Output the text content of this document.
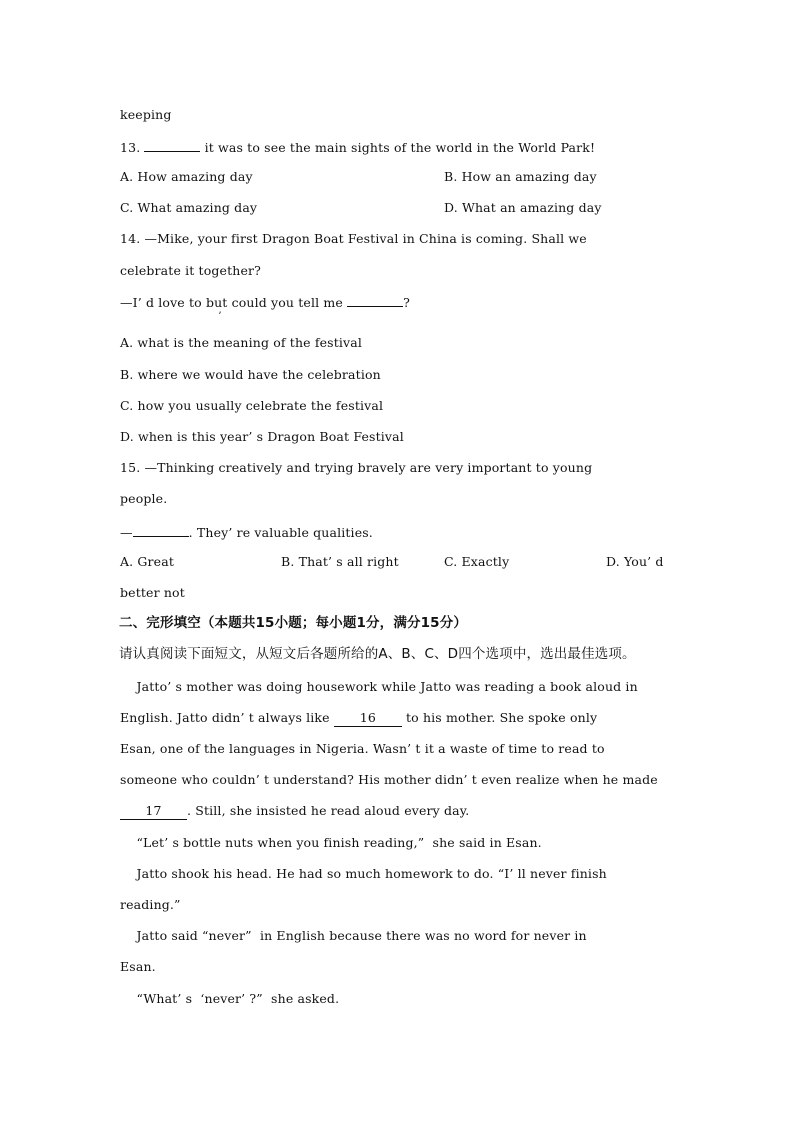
keeping
13.	it was to see the main sights of the world in the World Park!
A. How amazing day	B. How an amazing day
C. What amazing day	D. What an amazing day
14. —Mike, your first Dragon Boat Festival in China is coming. Shall we
celebrate it together?
—I’ d love to but could you tell me	?
ʼ
A. what is the meaning of the festival
B. where we would have the celebration
C. how you usually celebrate the festival
D. when is this year’ s Dragon Boat Festival
15. —Thinking creatively and trying bravely are very important to young
people.
—	. They’ re valuable qualities.
A. Great	B. That’ s all right	C. Exactly	D. You’ d
better not
二、完形填空（本题共15小题；每小题1分，满分15分）
请认真阅读下面短文，从短文后各题所给的A、B、C、D四个选项中，选出最佳选项。
Jatto’ s mother was doing housework while Jatto was reading a book aloud in
English. Jatto didn’ t always like 16 to his mother. She spoke only
Esan, one of the languages in Nigeria. Wasn’ t it a waste of time to read to
someone who couldn’ t understand? His mother didn’ t even realize when he made
17 . Still, she insisted he read aloud every day.
“Let’ s bottle nuts when you finish reading,”  she said in Esan.
Jatto shook his head. He had so much homework to do. “I’ ll never finish
reading.”
Jatto said “never”  in English because there was no word for never in
Esan.
“What’ s  ‘never’ ?”  she asked.
